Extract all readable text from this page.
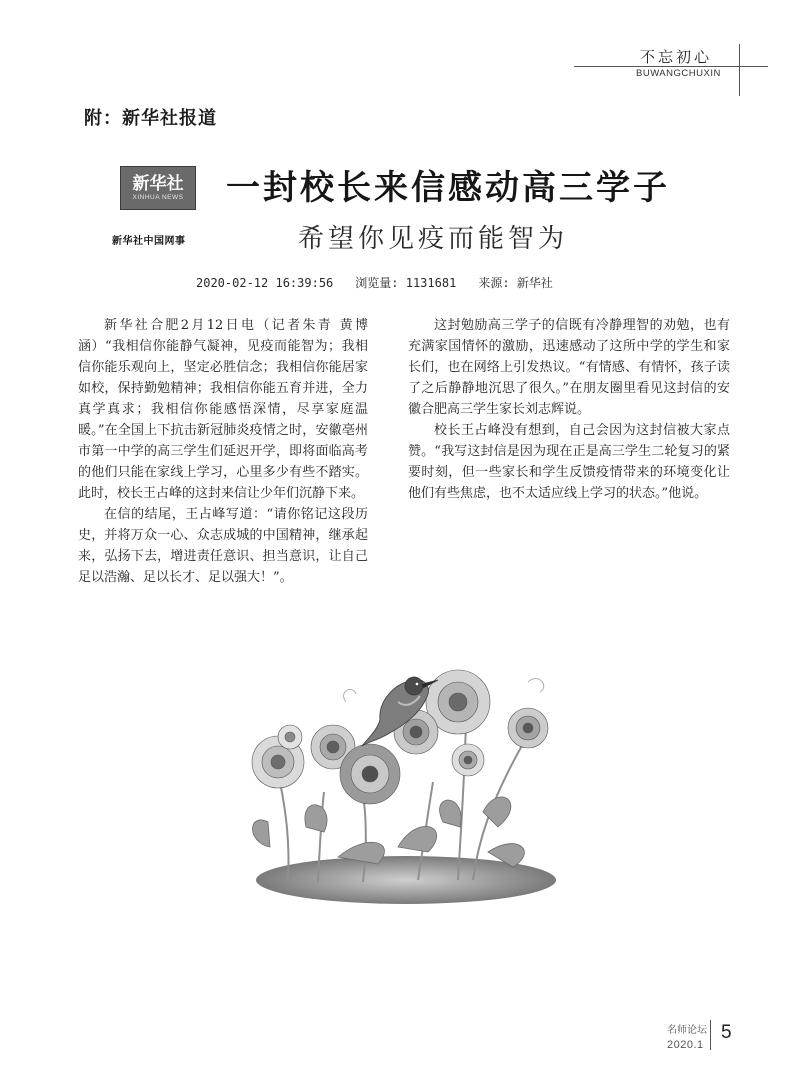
不忘初心
BUWANGCHUXIN
附：新华社报道
新华社
XINHUA NEWS
新华社中国网事
一封校长来信感动高三学子
希望你见疫而能智为
2020-02-12 16:39:56 浏览量: 1131681 来源: 新华社

新华社合肥2月12日电（记者朱青 黄博涵）“我相信你能静气凝神，见疫而能智为；我相信你能乐观向上，坚定必胜信念；我相信你能居家如校，保持勤勉精神；我相信你能五育并进，全力真学真求；我相信你能感悟深情，尽享家庭温暖。”在全国上下抗击新冠肺炎疫情之时，安徽亳州市第一中学的高三学生们延迟开学，即将面临高考的他们只能在家线上学习，心里多少有些不踏实。此时，校长王占峰的这封来信让少年们沉静下来。

在信的结尾，王占峰写道：“请你铭记这段历史，并将万众一心、众志成城的中国精神，继承起来，弘扬下去，增进责任意识、担当意识，让自己足以浩瀚、足以长才、足以强大！”。

这封勉励高三学子的信既有冷静理智的劝勉，也有充满家国情怀的激励，迅速感动了这所中学的学生和家长们，也在网络上引发热议。“有情感、有情怀，孩子读了之后静静地沉思了很久。”在朋友圈里看见这封信的安徽合肥高三学生家长刘志辉说。

校长王占峰没有想到，自己会因为这封信被大家点赞。“我写这封信是因为现在正是高三学生二轮复习的紧要时刻，但一些家长和学生反馈疫情带来的环境变化让他们有些焦虑，也不太适应线上学习的状态。”他说。

名师论坛
2020.1
5
